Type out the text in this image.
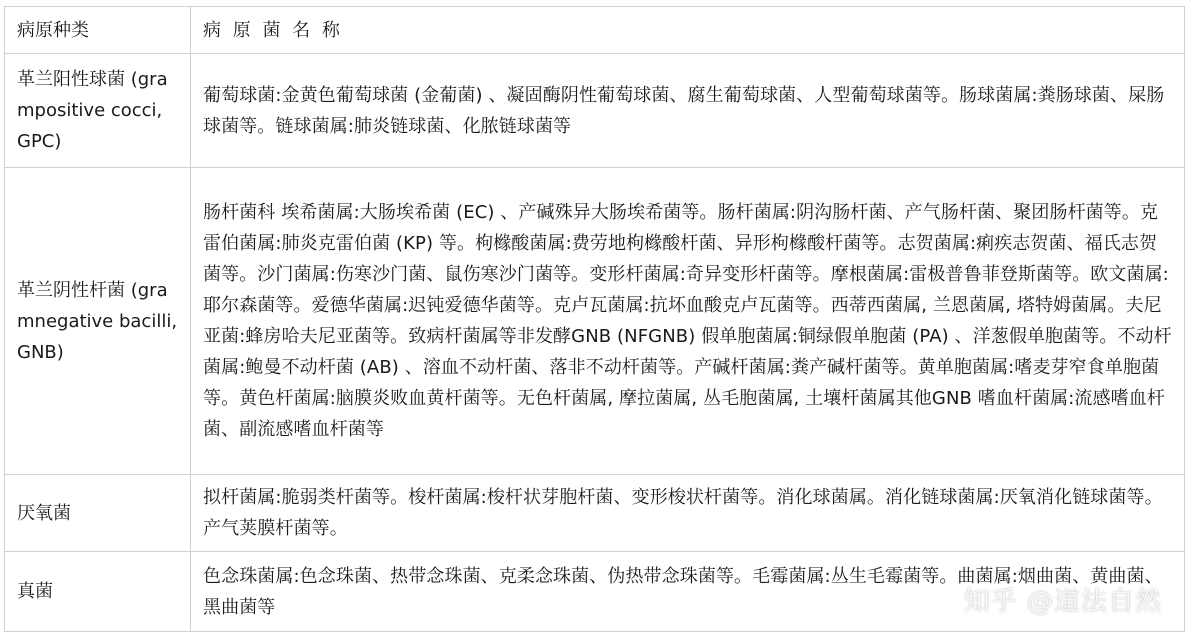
病原种类	病 原 菌 名 称
革兰阳性球菌 (grampositive cocci, GPC)	葡萄球菌:金黄色葡萄球菌 (金葡菌) 、凝固酶阴性葡萄球菌、腐生葡萄球菌、人型葡萄球菌等。肠球菌属:粪肠球菌、屎肠球菌等。链球菌属:肺炎链球菌、化脓链球菌等
革兰阴性杆菌 (gramnegative bacilli, GNB)	肠杆菌科 埃希菌属:大肠埃希菌 (EC) 、产碱殊异大肠埃希菌等。肠杆菌属:阴沟肠杆菌、产气肠杆菌、聚团肠杆菌等。克雷伯菌属:肺炎克雷伯菌 (KP) 等。枸橼酸菌属:费劳地枸橼酸杆菌、异形枸橼酸杆菌等。志贺菌属:痢疾志贺菌、福氏志贺菌等。沙门菌属:伤寒沙门菌、鼠伤寒沙门菌等。变形杆菌属:奇异变形杆菌等。摩根菌属:雷极普鲁菲登斯菌等。欧文菌属:耶尔森菌等。爱德华菌属:迟钝爱德华菌等。克卢瓦菌属:抗坏血酸克卢瓦菌等。西蒂西菌属, 兰恩菌属, 塔特姆菌属。夫尼亚菌:蜂房哈夫尼亚菌等。致病杆菌属等非发酵GNB (NFGNB) 假单胞菌属:铜绿假单胞菌 (PA) 、洋葱假单胞菌等。不动杆菌属:鲍曼不动杆菌 (AB) 、溶血不动杆菌、落非不动杆菌等。产碱杆菌属:粪产碱杆菌等。黄单胞菌属:嗜麦芽窄食单胞菌等。黄色杆菌属:脑膜炎败血黄杆菌等。无色杆菌属, 摩拉菌属, 丛毛胞菌属, 土壤杆菌属其他GNB 嗜血杆菌属:流感嗜血杆菌、副流感嗜血杆菌等
厌氧菌	拟杆菌属:脆弱类杆菌等。梭杆菌属:梭杆状芽胞杆菌、变形梭状杆菌等。消化球菌属。消化链球菌属:厌氧消化链球菌等。产气荚膜杆菌等。
真菌	色念珠菌属:色念珠菌、热带念珠菌、克柔念珠菌、伪热带念珠菌等。毛霉菌属:丛生毛霉菌等。曲菌属:烟曲菌、黄曲菌、黑曲菌等	知乎 @道法自然
